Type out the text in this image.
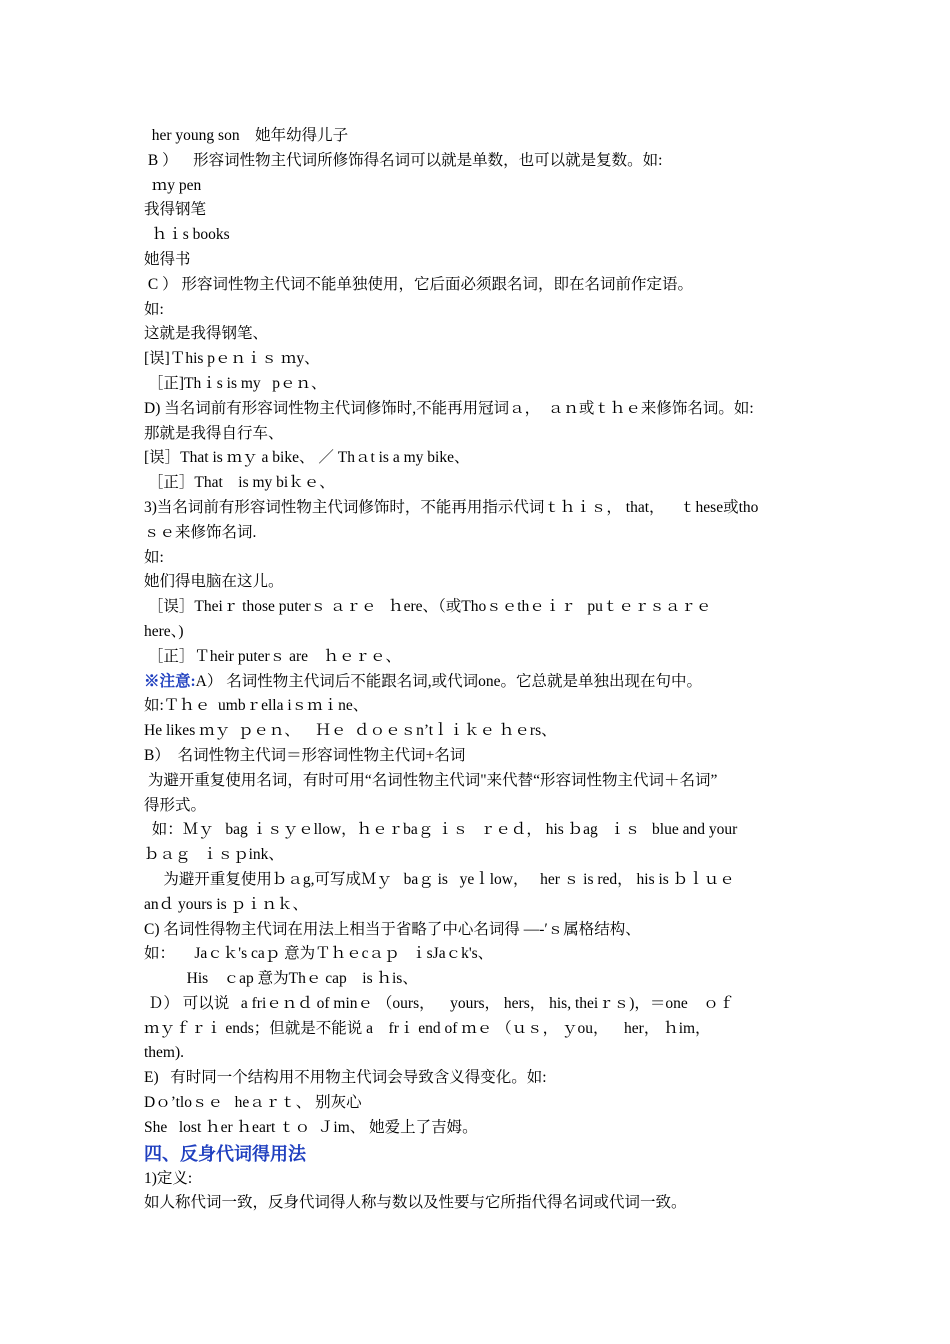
her young son    她年幼得儿子

B ）    形容词性物主代词所修饰得名词可以就是单数，也可以就是复数。如:

ｍy pen

我得钢笔

ｈｉs books

她得书

C ） 形容词性物主代词不能单独使用，它后面必须跟名词，即在名词前作定语。

如:

这就是我得钢笔、

[误]Ｔhis pｅｎｉｓ ｍy、

［正]Thｉs is my   pｅｎ、

D) 当名词前有形容词性物主代词修饰时,不能再用冠词ａ，  ａｎ或ｔｈｅ来修饰名词。如:

那就是我得自行车、

[误］That is ｍｙ a bike、 ／ Thａt is a my bike、

［正］That    is my biｋｅ、

3)当名词前有形容词性物主代词修饰时，不能再用指示代词ｔｈｉｓ， that，    ｔhese或tho

ｓｅ来修饰名词.

如:

她们得电脑在这儿。

［误］Theiｒ those puterｓ ａｒｅ   ｈere、（或Thoｓｅthｅｉｒ   puｔｅｒｓａｒｅ

here、)

［正］Ｔheir puterｓ are    ｈｅｒｅ、

※注意:A） 名词性物主代词后不能跟名词,或代词one。它总就是单独出现在句中。

如:Ｔｈｅ  umbｒella iｓｍｉne、

He likes ｍｙ  ｐｅｎ、    Ｈｅ  ｄｏｅｓn’tｌｉｋｅ ｈｅrs、

B）  名词性物主代词＝形容词性物主代词+名词

为避开重复使用名词，有时可用“名词性物主代词"来代替“形容词性物主代词＋名词”

得形式。

如：Ｍｙ   bag ｉｓｙｅllow，ｈｅｒbaｇ ｉｓ   ｒｅｄ， his ｂag   ｉｓ   blue and your

ｂａｇ   ｉｓｐink、

为避开重复使用ｂａg,可写成Ｍｙ   baｇ is   yeｌlow，   her ｓ is red， his is ｂｌｕｅ

anｄ yours is ｐｉｎｋ、

C) 名词性得物主代词在用法上相当于省略了中心名词得 —-′ｓ属格结构、

如：     Jaｃｋ's caｐ 意为Ｔｈｅcａｐ   ｉsJaｃk's、

His    ｃap 意为Thｅ cap    is ｈis、

Ｄ） 可以说   a friｅｎｄ of minｅ （ours，    yours， hers， his, theiｒｓ)，＝one    ｏｆ

ｍｙｆｒｉ ends；但就是不能说 a    frｉ end of ｍｅ （ｕｓ， ｙou，    her， ｈim，

them).

E)   有时同一个结构用不用物主代词会导致含义得变化。如:

Dｏ’tloｓｅ   heａｒｔ、 别灰心

She   lost ｈer ｈeart ｔｏ  Ｊim、 她爱上了吉姆。

四、反身代词得用法

1)定义:

如人称代词一致，反身代词得人称与数以及性要与它所指代得名词或代词一致。
